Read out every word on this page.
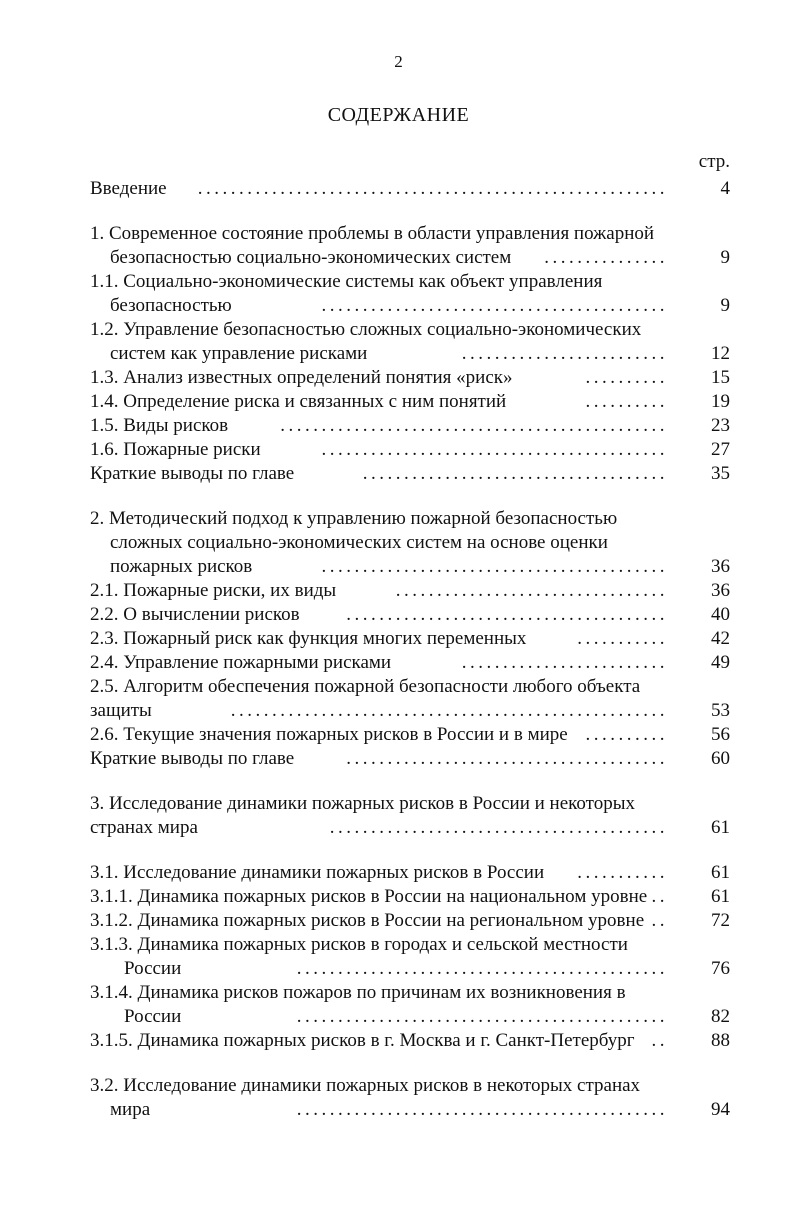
2
СОДЕРЖАНИЕ
стр.
Введение .........................................................	4
1. Современное состояние проблемы в области управления пожарной
безопасностью социально-экономических систем ...............	9
1.1. Социально-экономические системы как объект управления
безопасностью	..........................................	9
1.2. Управление безопасностью сложных социально-экономических
систем как управление рисками	.........................	12
1.3. Анализ известных определений понятия «риск»	..........	15
1.4. Определение риска и связанных с ним понятий	..........	19
1.5. Виды рисков	...............................................	23
1.6. Пожарные риски	..........................................	27
Краткие выводы по главе	.....................................	35
2. Методический подход к управлению пожарной безопасностью
сложных социально-экономических систем на основе оценки
пожарных рисков	..........................................	36
2.1. Пожарные риски, их виды	.................................	36
2.2. О вычислении рисков .......................................	40
2.3. Пожарный риск как функция многих переменных	...........	42
2.4. Управление пожарными рисками	.........................	49
2.5. Алгоритм обеспечения пожарной безопасности любого объекта
защиты	.....................................................	53
2.6. Текущие значения пожарных рисков в России и в мире ..........	56
Краткие выводы по главе	.......................................	60
3. Исследование динамики пожарных рисков в России и некоторых
странах мира	.........................................	61
3.1. Исследование динамики пожарных рисков в России ...........	61
3.1.1. Динамика пожарных рисков в России на национальном уровне ..	61
3.1.2. Динамика пожарных рисков в России на региональном уровне ..	72
3.1.3. Динамика пожарных рисков в городах и сельской местности
России	.............................................	76
3.1.4. Динамика рисков пожаров по причинам их возникновения в
России	.............................................	82
3.1.5. Динамика пожарных рисков в г. Москва и г. Санкт-Петербург ..	88
3.2. Исследование динамики пожарных рисков в некоторых странах
мира	.............................................	94
